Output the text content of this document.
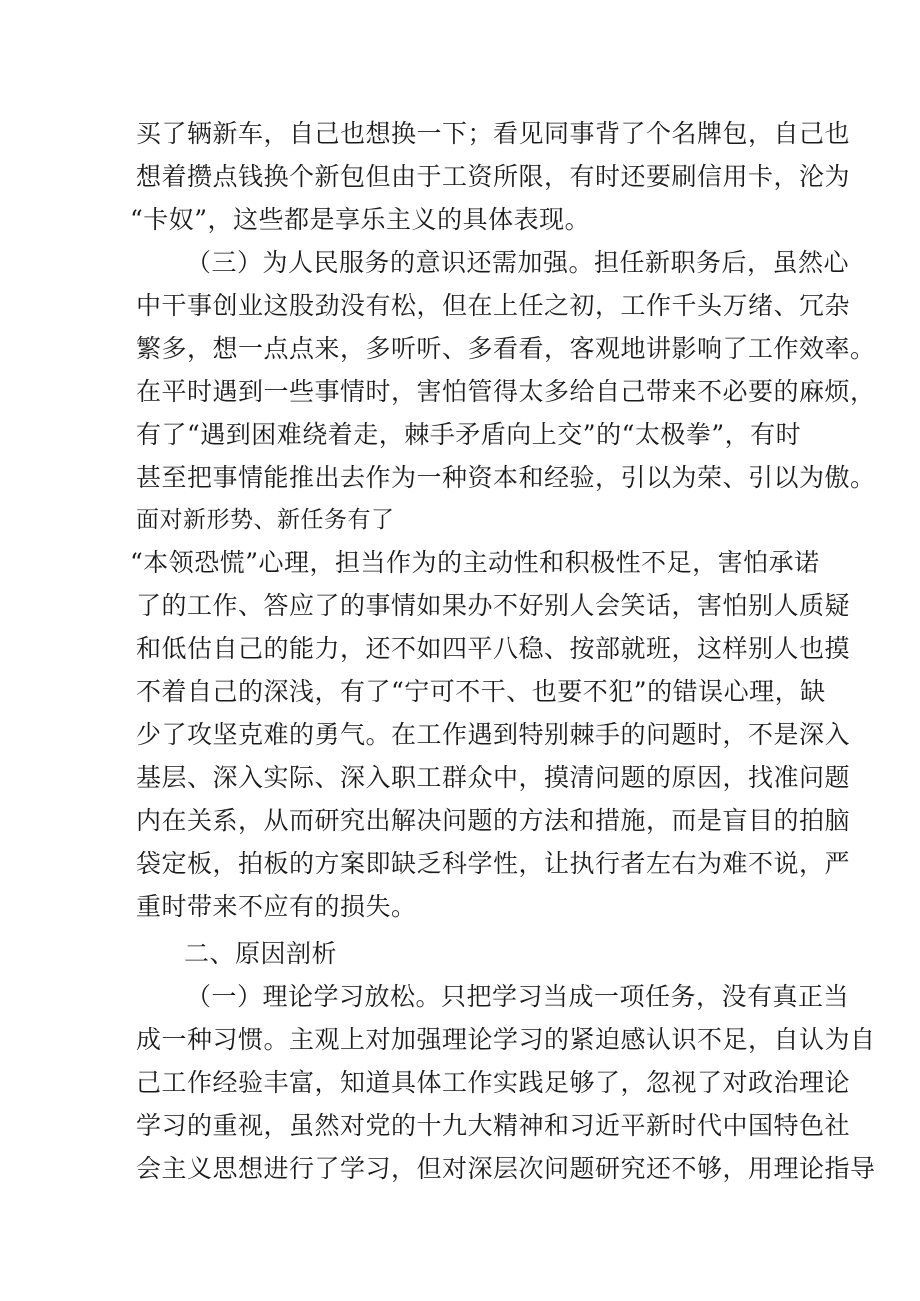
买了辆新车，自己也想换一下；看见同事背了个名牌包，自己也
想着攒点钱换个新包但由于工资所限，有时还要刷信用卡，沦为
“卡奴”，这些都是享乐主义的具体表现。
（三）为人民服务的意识还需加强。担任新职务后，虽然心
中干事创业这股劲没有松，但在上任之初，工作千头万绪、冗杂
繁多，想一点点来，多听听、多看看，客观地讲影响了工作效率。
在平时遇到一些事情时，害怕管得太多给自己带来不必要的麻烦，
有了“遇到困难绕着走，棘手矛盾向上交”的“太极拳”，有时
甚至把事情能推出去作为一种资本和经验，引以为荣、引以为傲。
面对新形势、新任务有了
“本领恐慌”心理，担当作为的主动性和积极性不足，害怕承诺
了的工作、答应了的事情如果办不好别人会笑话，害怕别人质疑
和低估自己的能力，还不如四平八稳、按部就班，这样别人也摸
不着自己的深浅，有了“宁可不干、也要不犯”的错误心理，缺
少了攻坚克难的勇气。在工作遇到特别棘手的问题时，不是深入
基层、深入实际、深入职工群众中，摸清问题的原因，找准问题
内在关系，从而研究出解决问题的方法和措施，而是盲目的拍脑
袋定板，拍板的方案即缺乏科学性，让执行者左右为难不说，严
重时带来不应有的损失。
二、原因剖析
（一）理论学习放松。只把学习当成一项任务，没有真正当
成一种习惯。主观上对加强理论学习的紧迫感认识不足，自认为自
己工作经验丰富，知道具体工作实践足够了，忽视了对政治理论
学习的重视，虽然对党的十九大精神和习近平新时代中国特色社
会主义思想进行了学习，但对深层次问题研究还不够，用理论指导
